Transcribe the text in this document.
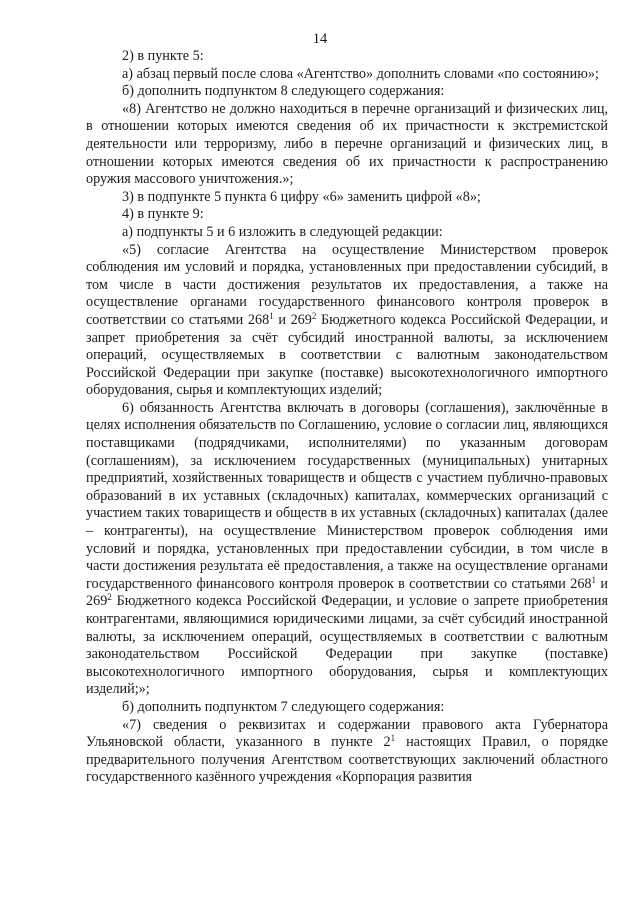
14

2) в пункте 5:

а) абзац первый после слова «Агентство» дополнить словами «по состоянию»;

б) дополнить подпунктом 8 следующего содержания:

«8) Агентство не должно находиться в перечне организаций и физических лиц, в отношении которых имеются сведения об их причастности к экстремистской деятельности или терроризму, либо в перечне организаций и физических лиц, в отношении которых имеются сведения об их причастности к распространению оружия массового уничтожения.»;

3) в подпункте 5 пункта 6 цифру «6» заменить цифрой «8»;

4) в пункте 9:

а) подпункты 5 и 6 изложить в следующей редакции:

«5) согласие Агентства на осуществление Министерством проверок соблюдения им условий и порядка, установленных при предоставлении субсидий, в том числе в части достижения результатов их предоставления, а также на осуществление органами государственного финансового контроля проверок в соответствии со статьями $268^1$ и $269^2$ Бюджетного кодекса Российской Федерации, и запрет приобретения за счёт субсидий иностранной валюты, за исключением операций, осуществляемых в соответствии с валютным законодательством Российской Федерации при закупке (поставке) высокотехнологичного импортного оборудования, сырья и комплектующих изделий;

6) обязанность Агентства включать в договоры (соглашения), заключённые в целях исполнения обязательств по Соглашению, условие о согласии лиц, являющихся поставщиками (подрядчиками, исполнителями) по указанным договорам (соглашениям), за исключением государственных (муниципальных) унитарных предприятий, хозяйственных товариществ и обществ с участием публично-правовых образований в их уставных (складочных) капиталах, коммерческих организаций с участием таких товариществ и обществ в их уставных (складочных) капиталах (далее – контрагенты), на осуществление Министерством проверок соблюдения ими условий и порядка, установленных при предоставлении субсидии, в том числе в части достижения результата её предоставления, а также на осуществление органами государственного финансового контроля проверок в соответствии со статьями $268^1$ и $269^2$ Бюджетного кодекса Российской Федерации, и условие о запрете приобретения контрагентами, являющимися юридическими лицами, за счёт субсидий иностранной валюты, за исключением операций, осуществляемых в соответствии с валютным законодательством Российской Федерации при закупке (поставке) высокотехнологичного импортного оборудования, сырья и комплектующих изделий;»;

б) дополнить подпунктом 7 следующего содержания:

«7) сведения о реквизитах и содержании правового акта Губернатора Ульяновской области, указанного в пункте $2^1$ настоящих Правил, о порядке предварительного получения Агентством соответствующих заключений областного государственного казённого учреждения «Корпорация развития
